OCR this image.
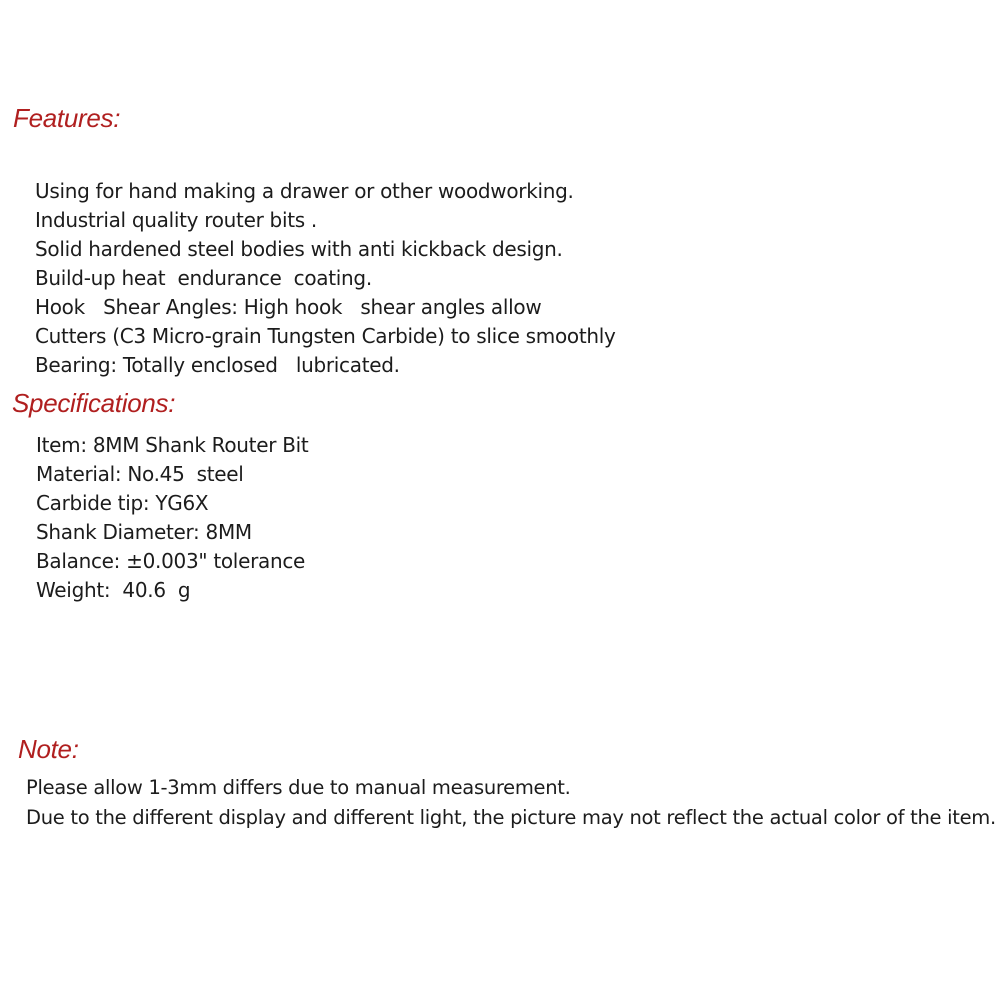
Features:
Using for hand making a drawer or other woodworking.
Industrial quality router bits .
Solid hardened steel bodies with anti kickback design.
Build-up heat  endurance  coating.
Hook   Shear Angles: High hook   shear angles allow
Cutters (C3 Micro-grain Tungsten Carbide) to slice smoothly
Bearing: Totally enclosed   lubricated.
Specifications:
Item: 8MM Shank Router Bit
Material: No.45  steel
Carbide tip: YG6X
Shank Diameter: 8MM
Balance: ±0.003" tolerance
Weight:  40.6  g
Note:
Please allow 1-3mm differs due to manual measurement.
Due to the different display and different light, the picture may not reflect the actual color of the item.
